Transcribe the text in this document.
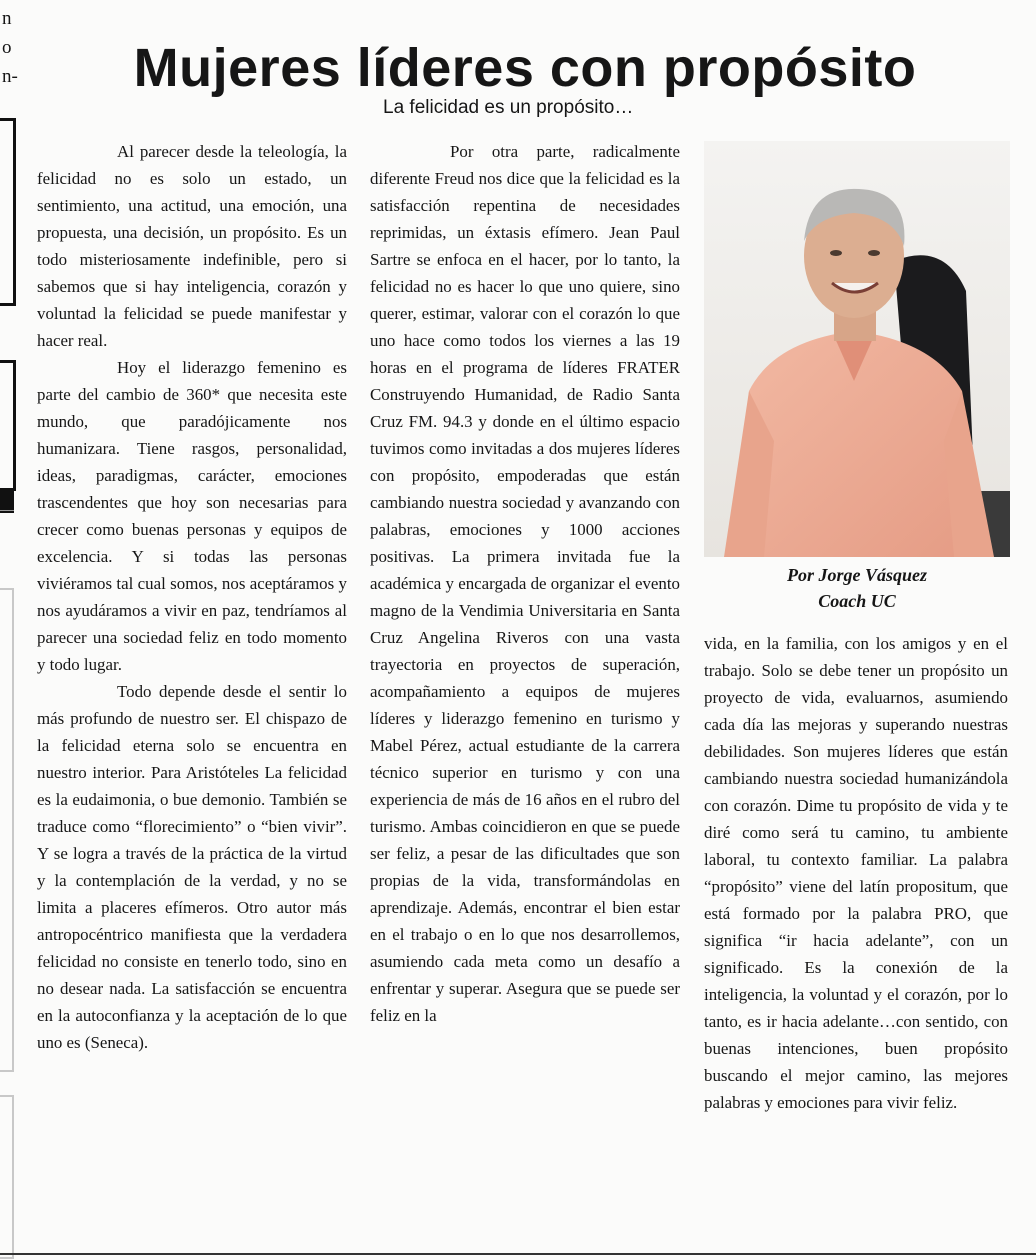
n
o
n-	Mujeres líderes con propósito
La felicidad es un propósito…

Al parecer desde la teleología, la felicidad no es solo un estado, un sentimiento, una actitud, una emoción, una propuesta, una decisión, un propósito. Es un todo misteriosamente indefinible, pero si sabemos que si hay inteligencia, corazón y voluntad la felicidad se puede manifestar y hacer real.

Hoy el liderazgo femenino es parte del cambio de 360* que necesita este mundo, que paradójicamente nos humanizara. Tiene rasgos, personalidad, ideas, paradigmas, carácter, emociones trascendentes que hoy son necesarias para crecer como buenas personas y equipos de excelencia. Y si todas las personas viviéramos tal cual somos, nos aceptáramos y nos ayudáramos a vivir en paz, tendríamos al parecer una sociedad feliz en todo momento y todo lugar.

Todo depende desde el sentir lo más profundo de nuestro ser. El chispazo de la felicidad eterna solo se encuentra en nuestro interior. Para Aristóteles La felicidad es la eudaimonia, o bue demonio. También se traduce como “florecimiento” o “bien vivir”. Y se logra a través de la práctica de la virtud y la contemplación de la verdad, y no se limita a placeres efímeros. Otro autor más antropocéntrico manifiesta que la verdadera felicidad no consiste en tenerlo todo, sino en no desear nada. La satisfacción se encuentra en la autoconfianza y la aceptación de lo que uno es (Seneca).

Por otra parte, radicalmente diferente Freud nos dice que la felicidad es la satisfacción repentina de necesidades reprimidas, un éxtasis efímero. Jean Paul Sartre se enfoca en el hacer, por lo tanto, la felicidad no es hacer lo que uno quiere, sino querer, estimar, valorar con el corazón lo que uno hace como todos los viernes a las 19 horas en el programa de líderes FRATER Construyendo Humanidad, de Radio Santa Cruz FM. 94.3 y donde en el último espacio tuvimos como invitadas a dos mujeres líderes con propósito, empoderadas que están cambiando nuestra sociedad y avanzando con palabras, emociones y 1000 acciones positivas. La primera invitada fue la académica y encargada de organizar el evento magno de la Vendimia Universitaria en Santa Cruz Angelina Riveros con una vasta trayectoria en proyectos de superación, acompañamiento a equipos de mujeres líderes y liderazgo femenino en turismo y Mabel Pérez, actual estudiante de la carrera técnico superior en turismo y con una experiencia de más de 16 años en el rubro del turismo. Ambas coincidieron en que se puede ser feliz, a pesar de las dificultades que son propias de la vida, transformándolas en aprendizaje. Además, encontrar el bien estar en el trabajo o en lo que nos desarrollemos, asumiendo cada meta como un desafío a enfrentar y superar. Asegura que se puede ser feliz en la

Por Jorge Vásquez
Coach UC

vida, en la familia, con los amigos y en el trabajo. Solo se debe tener un propósito un proyecto de vida, evaluarnos, asumiendo cada día las mejoras y superando nuestras debilidades. Son mujeres líderes que están cambiando nuestra sociedad humanizándola con corazón. Dime tu propósito de vida y te diré como será tu camino, tu ambiente laboral, tu contexto familiar. La palabra “propósito” viene del latín propositum, que está formado por la palabra PRO, que significa “ir hacia adelante”, con un significado. Es la conexión de la inteligencia, la voluntad y el corazón, por lo tanto, es ir hacia adelante…con sentido, con buenas intenciones, buen propósito buscando el mejor camino, las mejores palabras y emociones para vivir feliz.
